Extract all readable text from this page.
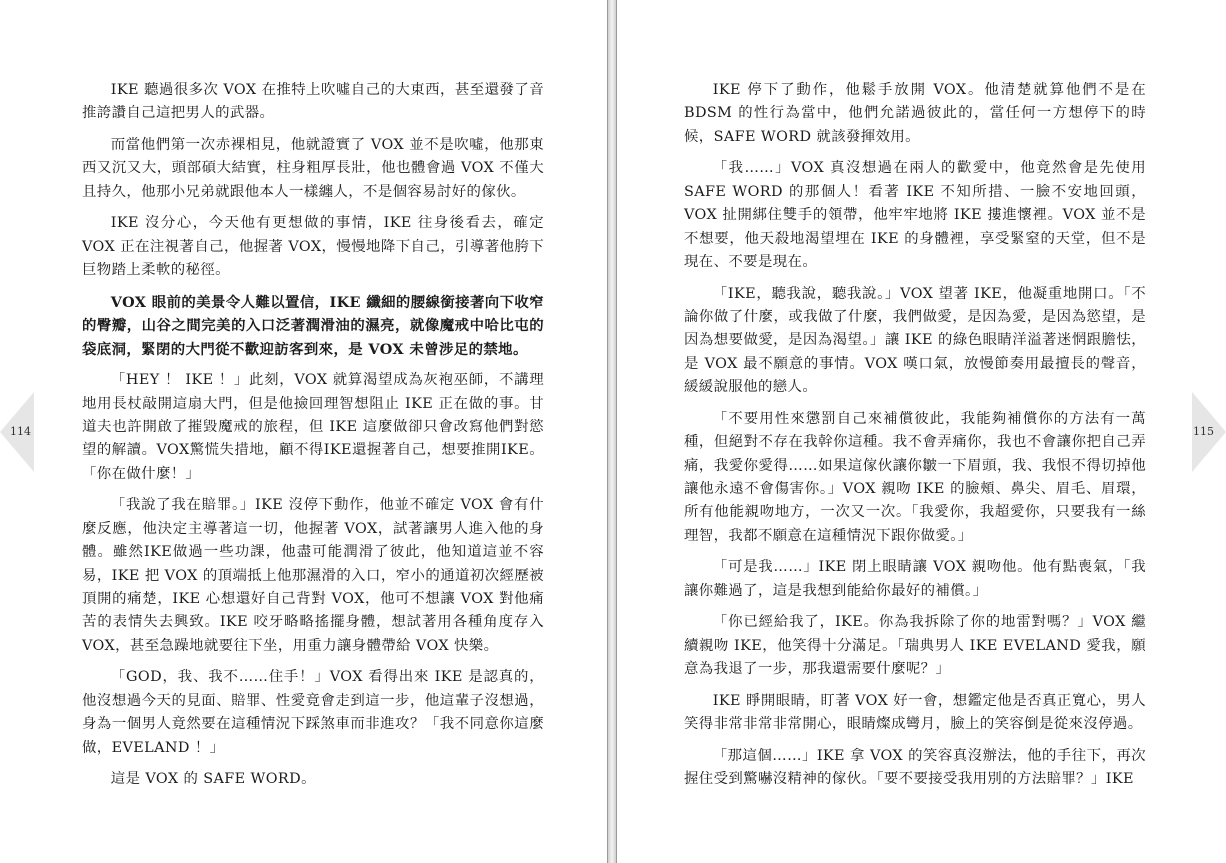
114

IKE 聽過很多次 VOX 在推特上吹噓自己的大東西，甚至還發了音推誇讚自己這把男人的武器。

而當他們第一次赤裸相見，他就證實了 VOX 並不是吹噓，他那東西又沉又大，頭部碩大結實，柱身粗厚長壯，他也體會過 VOX 不僅大且持久，他那小兄弟就跟他本人一樣纏人，不是個容易討好的傢伙。

IKE 沒分心，今天他有更想做的事情，IKE 往身後看去，確定 VOX 正在注視著自己，他握著 VOX，慢慢地降下自己，引導著他胯下巨物踏上柔軟的秘徑。

VOX 眼前的美景令人難以置信，IKE 纖細的腰線銜接著向下收窄的臀瓣，山谷之間完美的入口泛著潤滑油的濕亮，就像魔戒中哈比屯的袋底洞，緊閉的大門從不歡迎訪客到來，是 VOX 未曾涉足的禁地。

「HEY ！ IKE ！」此刻，VOX 就算渴望成為灰袍巫師，不講理地用長杖敲開這扇大門，但是他撿回理智想阻止 IKE 正在做的事。甘道夫也許開啟了摧毀魔戒的旅程，但 IKE 這麼做卻只會改寫他們對慾望的解讀。VOX驚慌失措地，顧不得IKE還握著自己，想要推開IKE。「你在做什麼！」

「我說了我在賠罪。」IKE 沒停下動作，他並不確定 VOX 會有什麼反應，他決定主導著這一切，他握著 VOX，試著讓男人進入他的身體。雖然IKE做過一些功課，他盡可能潤滑了彼此，他知道這並不容易，IKE 把 VOX 的頂端抵上他那濕滑的入口，窄小的通道初次經歷被頂開的痛楚，IKE 心想還好自己背對 VOX，他可不想讓 VOX 對他痛苦的表情失去興致。IKE 咬牙略略搖擺身體，想試著用各種角度存入 VOX，甚至急躁地就要往下坐，用重力讓身體帶給 VOX 快樂。

「GOD，我、我不……住手！」VOX 看得出來 IKE 是認真的，他沒想過今天的見面、賠罪、性愛竟會走到這一步，他這輩子沒想過，身為一個男人竟然要在這種情況下踩煞車而非進攻？「我不同意你這麼做，EVELAND ！」

這是 VOX 的 SAFE WORD。

115

IKE 停下了動作，他鬆手放開 VOX。他清楚就算他們不是在 BDSM 的性行為當中，他們允諾過彼此的，當任何一方想停下的時候，SAFE WORD 就該發揮效用。

「我……」VOX 真沒想過在兩人的歡愛中，他竟然會是先使用 SAFE WORD 的那個人！看著 IKE 不知所措、一臉不安地回頭，VOX 扯開綁住雙手的領帶，他牢牢地將 IKE 摟進懷裡。VOX 並不是不想要，他天殺地渴望埋在 IKE 的身體裡，享受緊窒的天堂，但不是現在、不要是現在。

「IKE，聽我說，聽我說。」VOX 望著 IKE，他凝重地開口。「不論你做了什麼，或我做了什麼，我們做愛，是因為愛，是因為慾望，是因為想要做愛，是因為渴望。」讓 IKE 的綠色眼睛洋溢著迷惘跟膽怯，是 VOX 最不願意的事情。VOX 嘆口氣，放慢節奏用最擅長的聲音，緩緩說服他的戀人。

「不要用性來懲罰自己來補償彼此，我能夠補償你的方法有一萬種，但絕對不存在我幹你這種。我不會弄痛你，我也不會讓你把自己弄痛，我愛你愛得……如果這傢伙讓你皺一下眉頭，我、我恨不得切掉他讓他永遠不會傷害你。」VOX 親吻 IKE 的臉頰、鼻尖、眉毛、眉環，所有他能親吻地方，一次又一次。「我愛你，我超愛你，只要我有一絲理智，我都不願意在這種情況下跟你做愛。」

「可是我……」IKE 閉上眼睛讓 VOX 親吻他。他有點喪氣，「我讓你難過了，這是我想到能給你最好的補償。」

「你已經給我了，IKE。你為我拆除了你的地雷對嗎？」VOX 繼續親吻 IKE，他笑得十分滿足。「瑞典男人 IKE EVELAND 愛我，願意為我退了一步，那我還需要什麼呢？」

IKE 睜開眼睛，盯著 VOX 好一會，想鑑定他是否真正寬心，男人笑得非常非常非常開心，眼睛燦成彎月，臉上的笑容倒是從來沒停過。

「那這個……」IKE 拿 VOX 的笑容真沒辦法，他的手往下，再次握住受到驚嚇沒精神的傢伙。「要不要接受我用別的方法賠罪？」IKE
